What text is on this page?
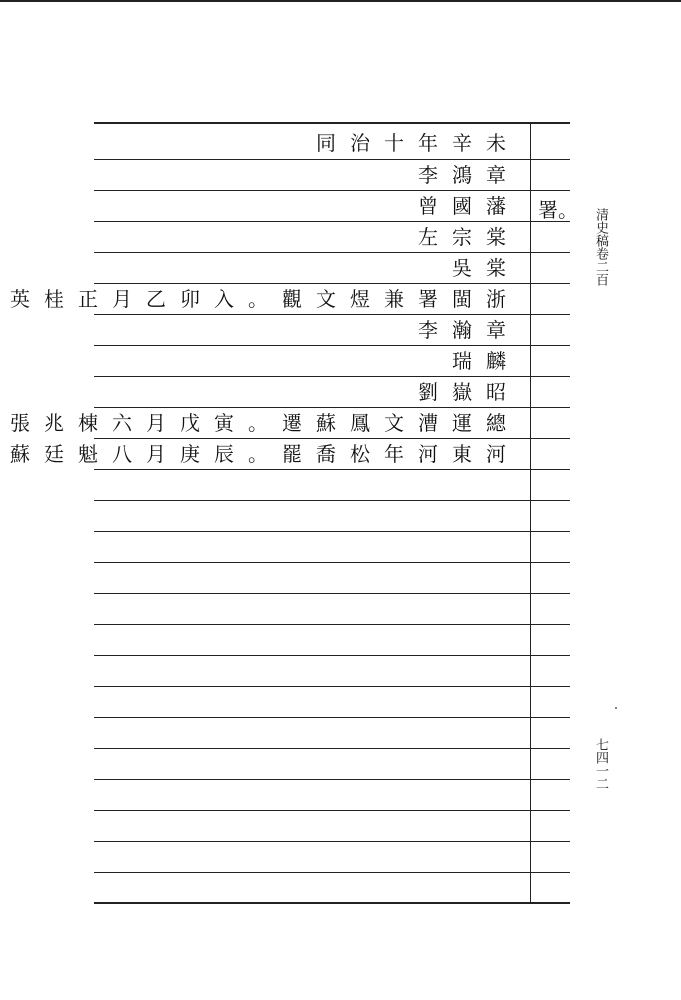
清史稿卷二百
七四一二
未辛年十治同
章鴻李
藩國曾
棠宗左
棠吳
浙閩署兼煜文觀。入卯乙月正桂英
章瀚李
麟瑞
昭嶽劉
總運漕文鳳蘇遷。寅戊月六棟兆張
河東河年松喬罷。辰庚月八魁廷蘇
署。
